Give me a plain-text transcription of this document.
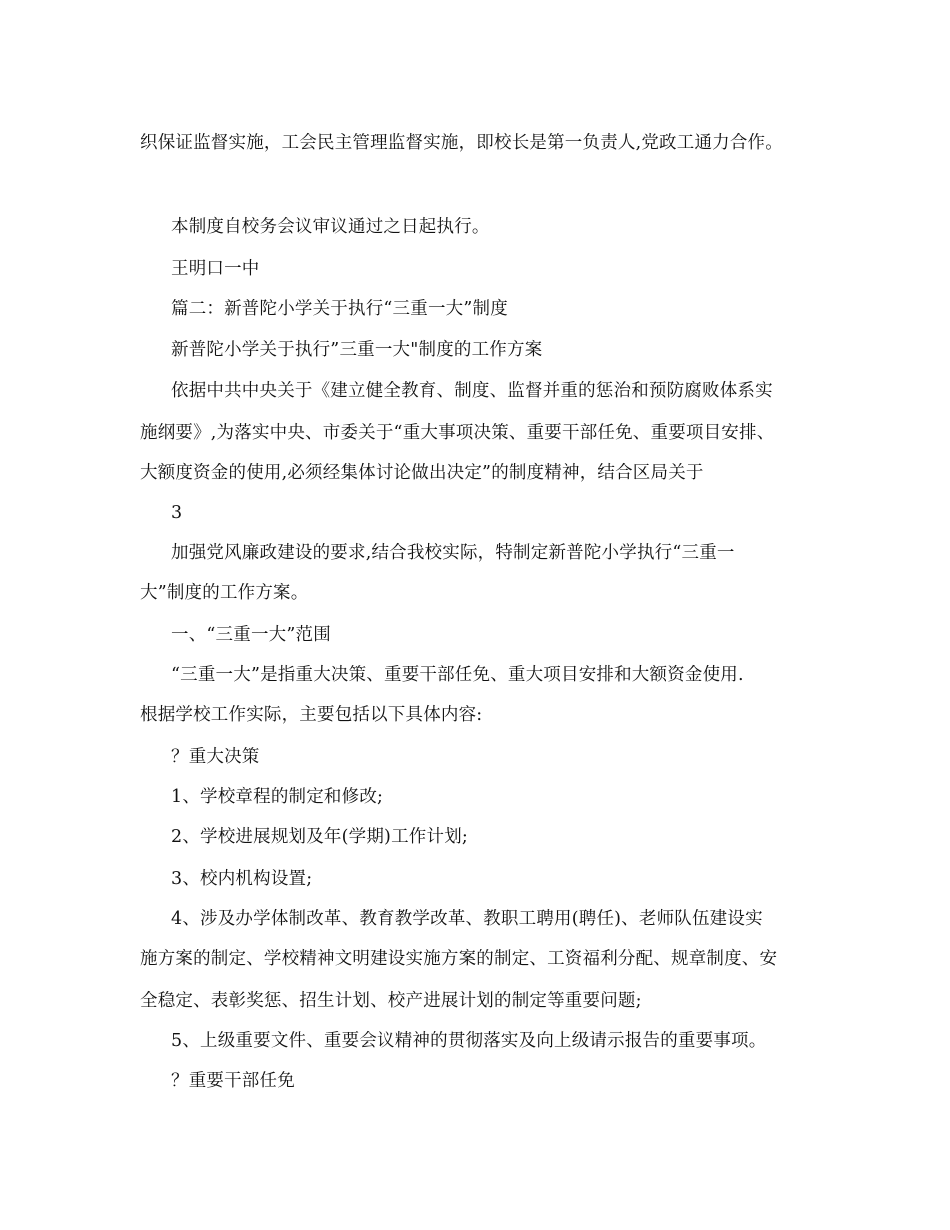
织保证监督实施，工会民主管理监督实施，即校长是第一负责人,党政工通力合作。
本制度自校务会议审议通过之日起执行。
王明口一中
篇二：新普陀小学关于执行“三重一大”制度
新普陀小学关于执行”三重一大"制度的工作方案
依据中共中央关于《建立健全教育、制度、监督并重的惩治和预防腐败体系实
施纲要》,为落实中央、市委关于“重大事项决策、重要干部任免、重要项目安排、
大额度资金的使用,必须经集体讨论做出决定”的制度精神，结合区局关于
3
加强党风廉政建设的要求,结合我校实际，特制定新普陀小学执行“三重一
大”制度的工作方案。
一、“三重一大”范围
“三重一大”是指重大决策、重要干部任免、重大项目安排和大额资金使用.
根据学校工作实际，主要包括以下具体内容:
？重大决策
1、学校章程的制定和修改;
2、学校进展规划及年(学期)工作计划;
3、校内机构设置;
4、涉及办学体制改革、教育教学改革、教职工聘用(聘任)、老师队伍建设实
施方案的制定、学校精神文明建设实施方案的制定、工资福利分配、规章制度、安
全稳定、表彰奖惩、招生计划、校产进展计划的制定等重要问题;
5、上级重要文件、重要会议精神的贯彻落实及向上级请示报告的重要事项。
？重要干部任免
